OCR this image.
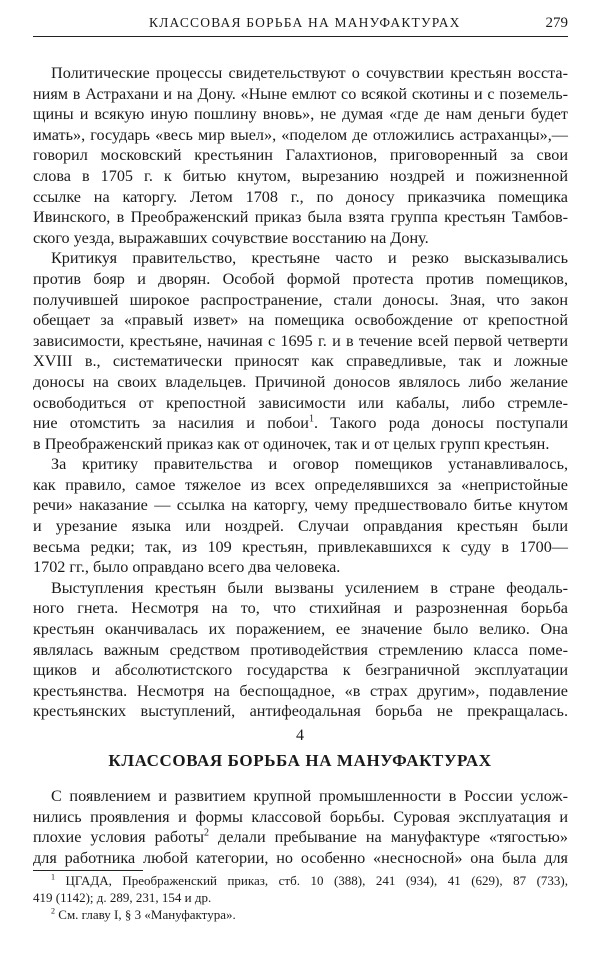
КЛАССОВАЯ БОРЬБА НА МАНУФАКТУРАХ	279
Политические процессы свидетельствуют о сочувствии крестьян восста-
ниям в Астрахани и на Дону. «Ныне емлют со всякой скотины и с поземель-
щины и всякую иную пошлину вновь», не думая «где де нам деньги будет
имать», государь «весь мир выел», «поделом де отложились астраханцы»,—
говорил московский крестьянин Галахтионов, приговоренный за свои
слова в 1705 г. к битью кнутом, вырезанию ноздрей и пожизненной
ссылке на каторгу. Летом 1708 г., по доносу приказчика помещика
Ивинского, в Преображенский приказ была взята группа крестьян Тамбов-
ского уезда, выражавших сочувствие восстанию на Дону.
Критикуя правительство, крестьяне часто и резко высказывались
против бояр и дворян. Особой формой протеста против помещиков,
получившей широкое распространение, стали доносы. Зная, что закон
обещает за «правый извет» на помещика освобождение от крепостной
зависимости, крестьяне, начиная с 1695 г. и в течение всей первой четверти
XVIII в., систематически приносят как справедливые, так и ложные
доносы на своих владельцев. Причиной доносов являлось либо желание
освободиться от крепостной зависимости или кабалы, либо стремле-
ние отомстить за насилия и побои$^1$. Такого рода доносы поступали
в Преображенский приказ как от одиночек, так и от целых групп крестьян.
За критику правительства и оговор помещиков устанавливалось,
как правило, самое тяжелое из всех определявшихся за «непристойные
речи» наказание — ссылка на каторгу, чему предшествовало битье кнутом
и урезание языка или ноздрей. Случаи оправдания крестьян были
весьма редки; так, из 109 крестьян, привлекавшихся к суду в 1700—
1702 гг., было оправдано всего два человека.
Выступления крестьян были вызваны усилением в стране феодаль-
ного гнета. Несмотря на то, что стихийная и разрозненная борьба
крестьян оканчивалась их поражением, ее значение было велико. Она
являлась важным средством противодействия стремлению класса поме-
щиков и абсолютистского государства к безграничной эксплуатации
крестьянства. Несмотря на беспощадное, «в страх другим», подавление
крестьянских выступлений, антифеодальная борьба не прекращалась.
4
КЛАССОВАЯ БОРЬБА НА МАНУФАКТУРАХ
С появлением и развитием крупной промышленности в России услож-
нились проявления и формы классовой борьбы. Суровая эксплуатация и
плохие условия работы$^2$ делали пребывание на мануфактуре «тягостью»
для работника любой категории, но особенно «несносной» она была для
$^1$ ЦГАДА, Преображенский приказ, стб. 10 (388), 241 (934), 41 (629), 87 (733),
419 (1142); д. 289, 231, 154 и др.
$^2$ См. главу I, § 3 «Мануфактура».
